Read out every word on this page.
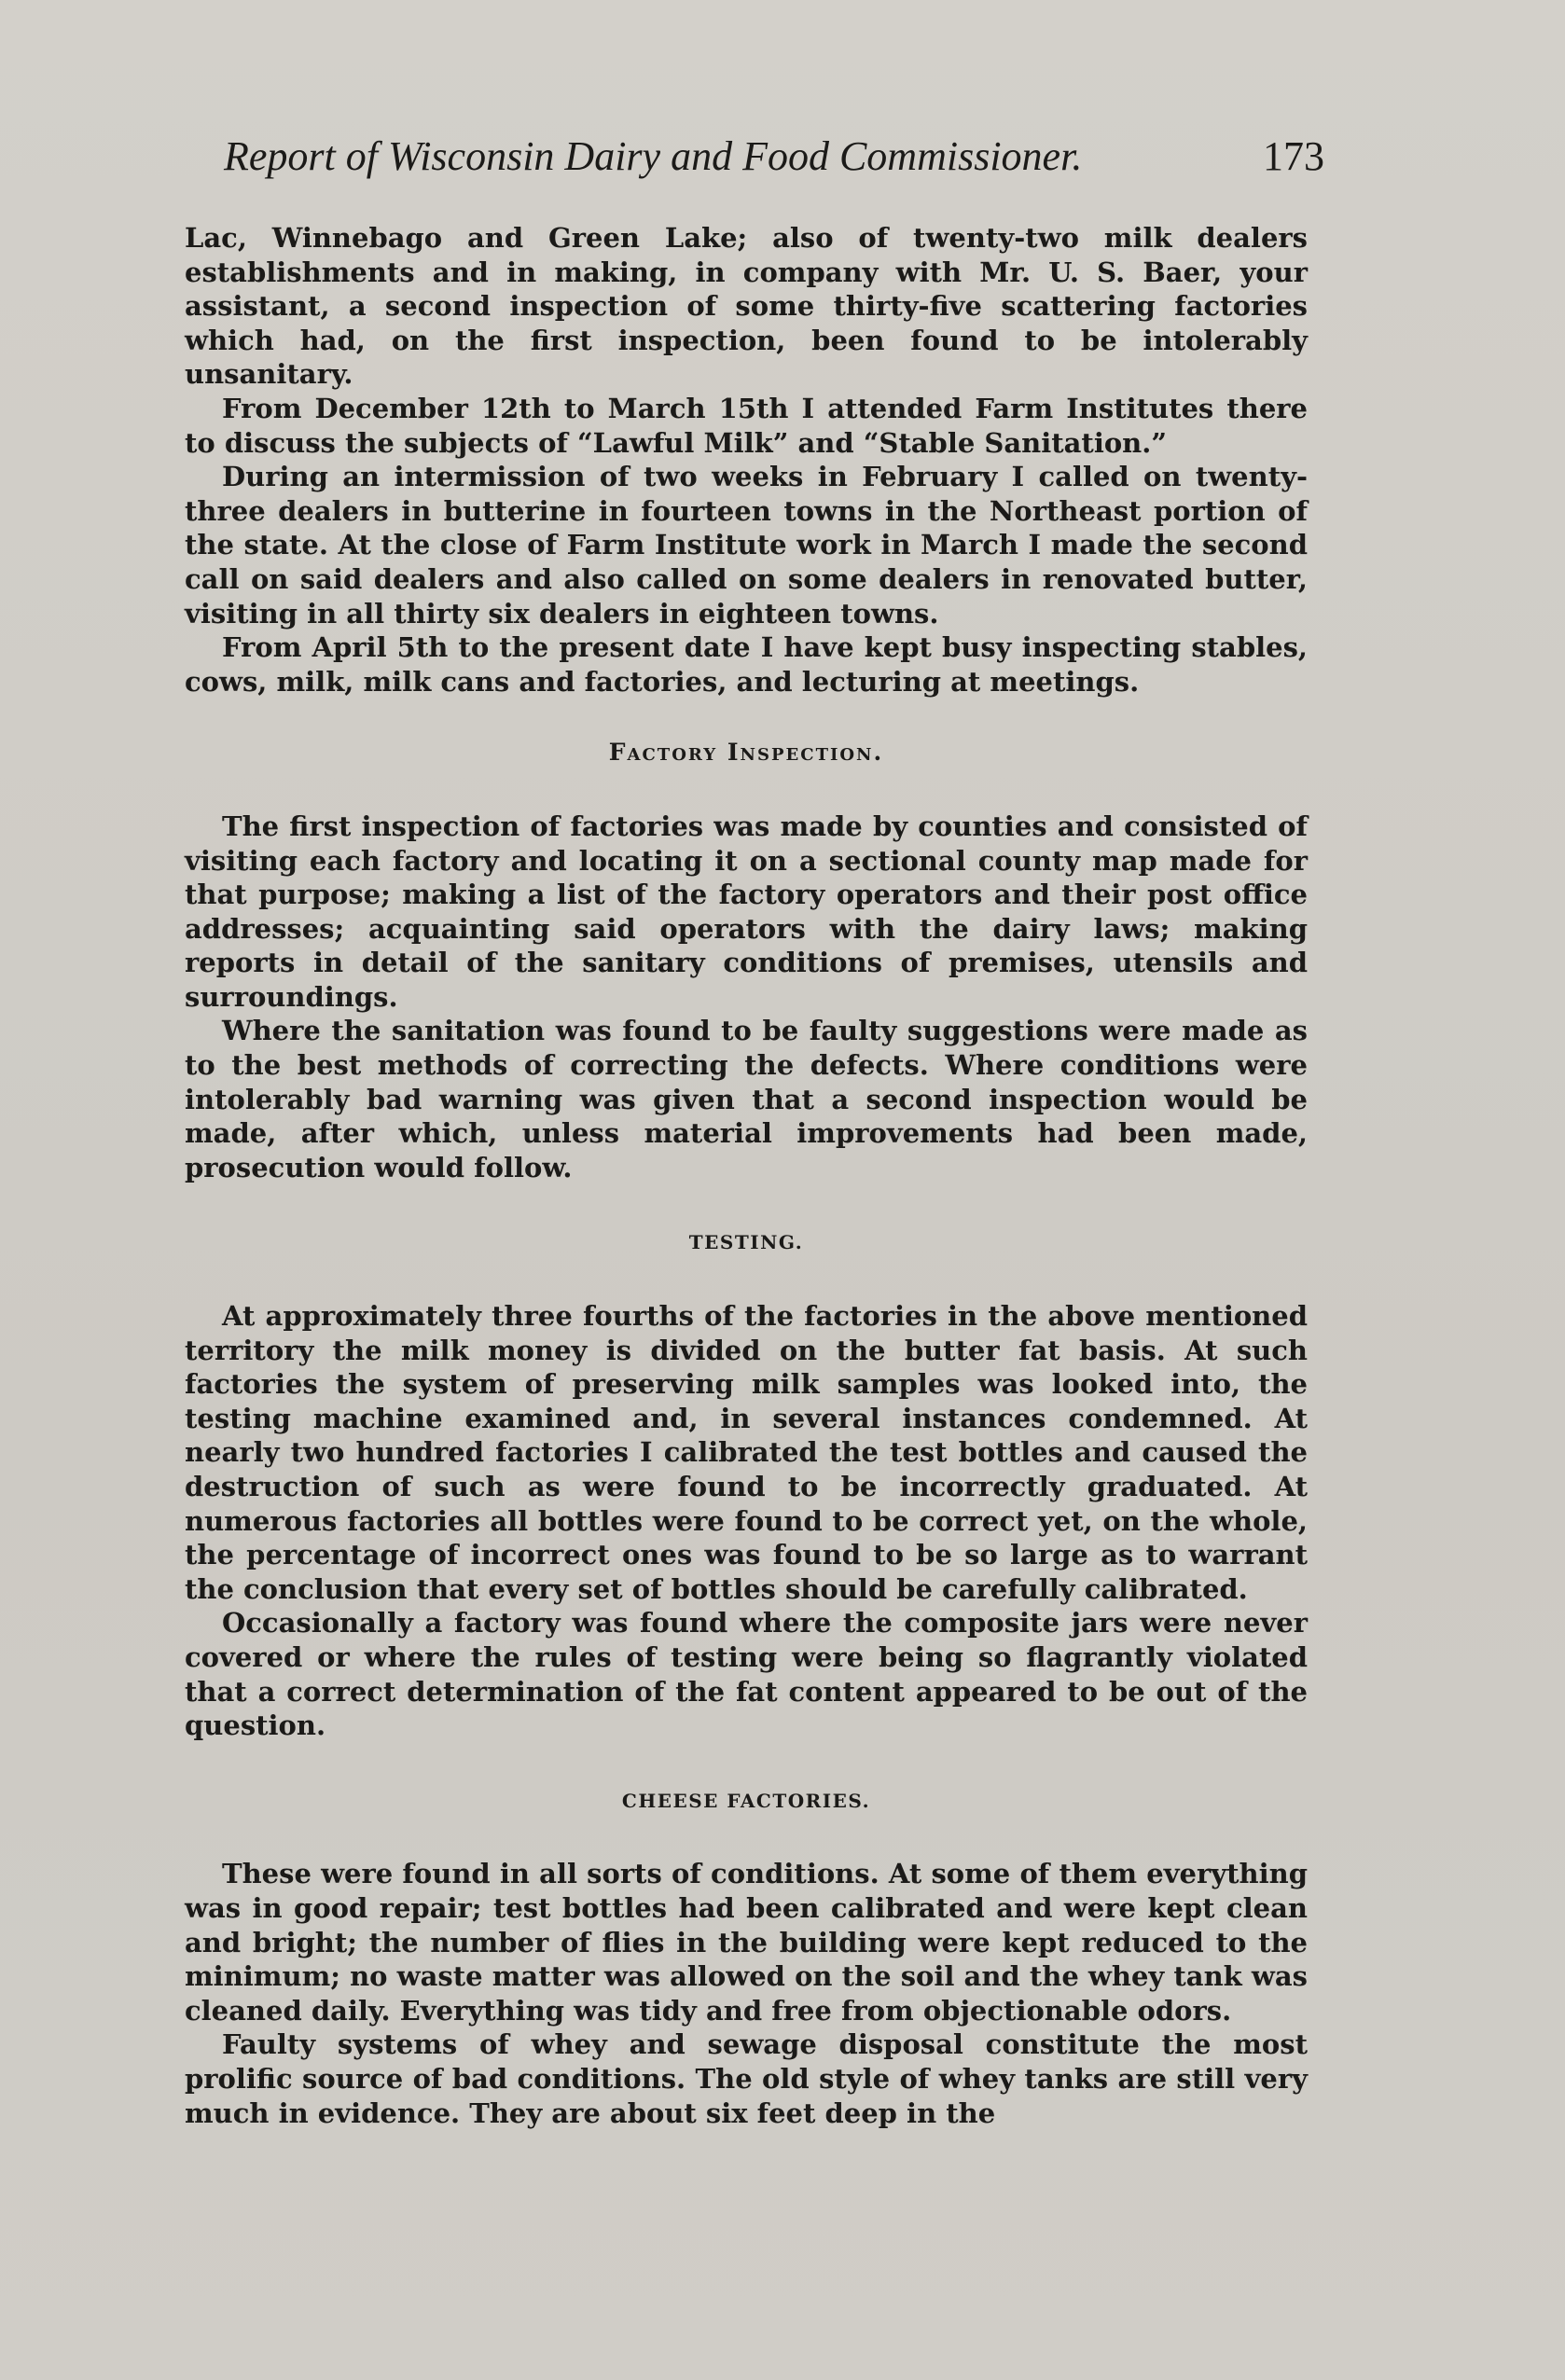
Report of Wisconsin Dairy and Food Commissioner.	173

Lac, Winnebago and Green Lake; also of twenty-two milk dealers establishments and in making, in company with Mr. U. S. Baer, your assistant, a second inspection of some thirty-five scattering factories which had, on the first inspection, been found to be intolerably unsanitary.

From December 12th to March 15th I attended Farm Institutes there to discuss the subjects of “Lawful Milk” and “Stable Sanitation.”

During an intermission of two weeks in February I called on twenty-three dealers in butterine in fourteen towns in the Northeast portion of the state. At the close of Farm Institute work in March I made the second call on said dealers and also called on some dealers in renovated butter, visiting in all thirty six dealers in eighteen towns.

From April 5th to the present date I have kept busy inspecting stables, cows, milk, milk cans and factories, and lecturing at meetings.

Factory Inspection.

The first inspection of factories was made by counties and consisted of visiting each factory and locating it on a sectional county map made for that purpose; making a list of the factory operators and their post office addresses; acquainting said operators with the dairy laws; making reports in detail of the sanitary conditions of premises, utensils and surroundings.

Where the sanitation was found to be faulty suggestions were made as to the best methods of correcting the defects. Where conditions were intolerably bad warning was given that a second inspection would be made, after which, unless material improvements had been made, prosecution would follow.

TESTING.

At approximately three fourths of the factories in the above mentioned territory the milk money is divided on the butter fat basis. At such factories the system of preserving milk samples was looked into, the testing machine examined and, in several instances condemned. At nearly two hundred factories I calibrated the test bottles and caused the destruction of such as were found to be incorrectly graduated. At numerous factories all bottles were found to be correct yet, on the whole, the percentage of incorrect ones was found to be so large as to warrant the conclusion that every set of bottles should be carefully calibrated.

Occasionally a factory was found where the composite jars were never covered or where the rules of testing were being so flagrantly violated that a correct determination of the fat content appeared to be out of the question.

CHEESE FACTORIES.

These were found in all sorts of conditions. At some of them everything was in good repair; test bottles had been calibrated and were kept clean and bright; the number of flies in the building were kept reduced to the minimum; no waste matter was allowed on the soil and the whey tank was cleaned daily. Everything was tidy and free from objectionable odors.

Faulty systems of whey and sewage disposal constitute the most prolific source of bad conditions. The old style of whey tanks are still very much in evidence. They are about six feet deep in the
